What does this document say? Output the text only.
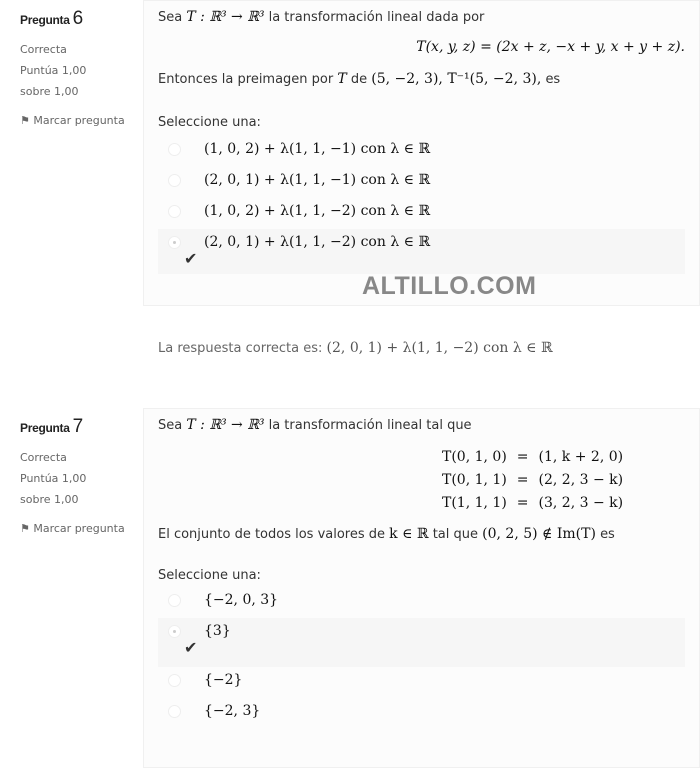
Pregunta 6
Correcta
Puntúa 1,00 sobre 1,00
⚑ Marcar pregunta
Sea T : ℝ³ → ℝ³ la transformación lineal dada por
T(x, y, z) = (2x + z, −x + y, x + y + z).
Entonces la preimagen por T de (5, −2, 3), T⁻¹(5, −2, 3), es
Seleccione una:
(1, 0, 2) + λ(1, 1, −1) con λ ∈ ℝ
(2, 0, 1) + λ(1, 1, −1) con λ ∈ ℝ
(1, 0, 2) + λ(1, 1, −2) con λ ∈ ℝ
(2, 0, 1) + λ(1, 1, −2) con λ ∈ ℝ
✔
ALTILLO.COM
La respuesta correcta es: (2, 0, 1) + λ(1, 1, −2) con λ ∈ ℝ
Pregunta 7
Correcta
Puntúa 1,00 sobre 1,00
⚑ Marcar pregunta
Sea T : ℝ³ → ℝ³ la transformación lineal tal que
T(0, 1, 0)	=	(1, k + 2, 0)
T(0, 1, 1)	=	(2, 2, 3 − k)
T(1, 1, 1)	=	(3, 2, 3 − k)
El conjunto de todos los valores de k ∈ ℝ tal que (0, 2, 5) ∉ Im(T) es
Seleccione una:
{−2, 0, 3}
{3}
✔
{−2}
{−2, 3}
